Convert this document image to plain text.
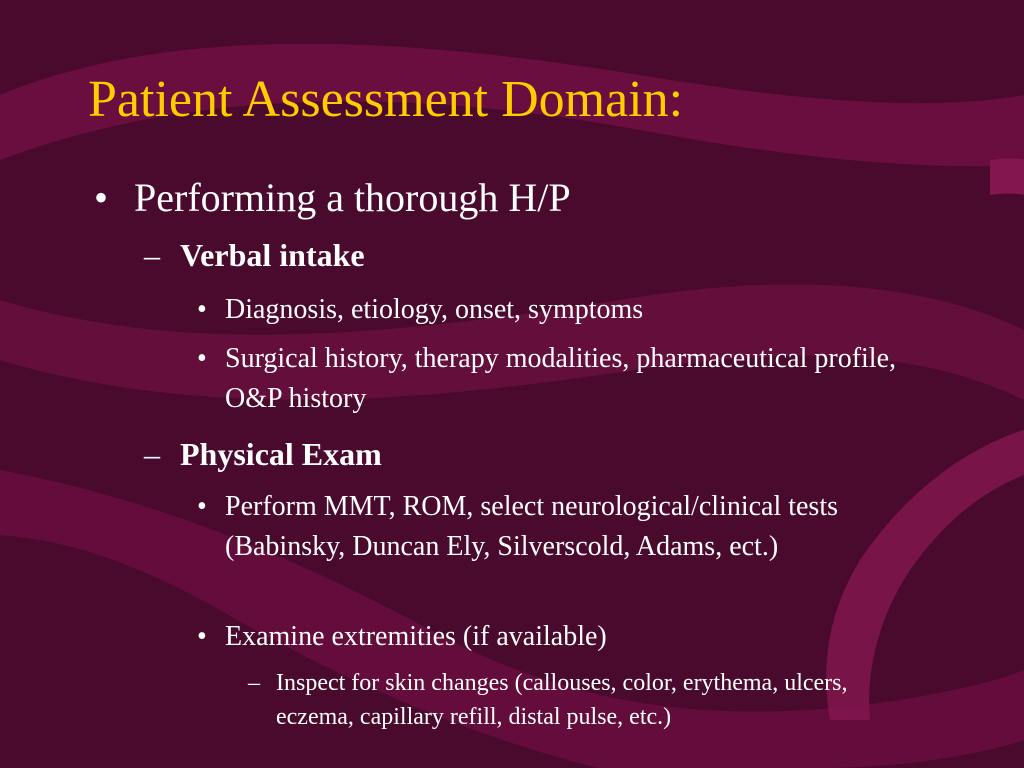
Patient Assessment Domain:
• Performing a thorough H/P
– Verbal intake
• Diagnosis, etiology, onset, symptoms
• Surgical history, therapy modalities, pharmaceutical profile, O&P history
– Physical Exam
• Perform MMT, ROM, select neurological/clinical tests (Babinsky, Duncan Ely, Silverscold, Adams, ect.)
• Examine extremities (if available)
– Inspect for skin changes (callouses, color, erythema, ulcers, eczema, capillary refill, distal pulse, etc.)
